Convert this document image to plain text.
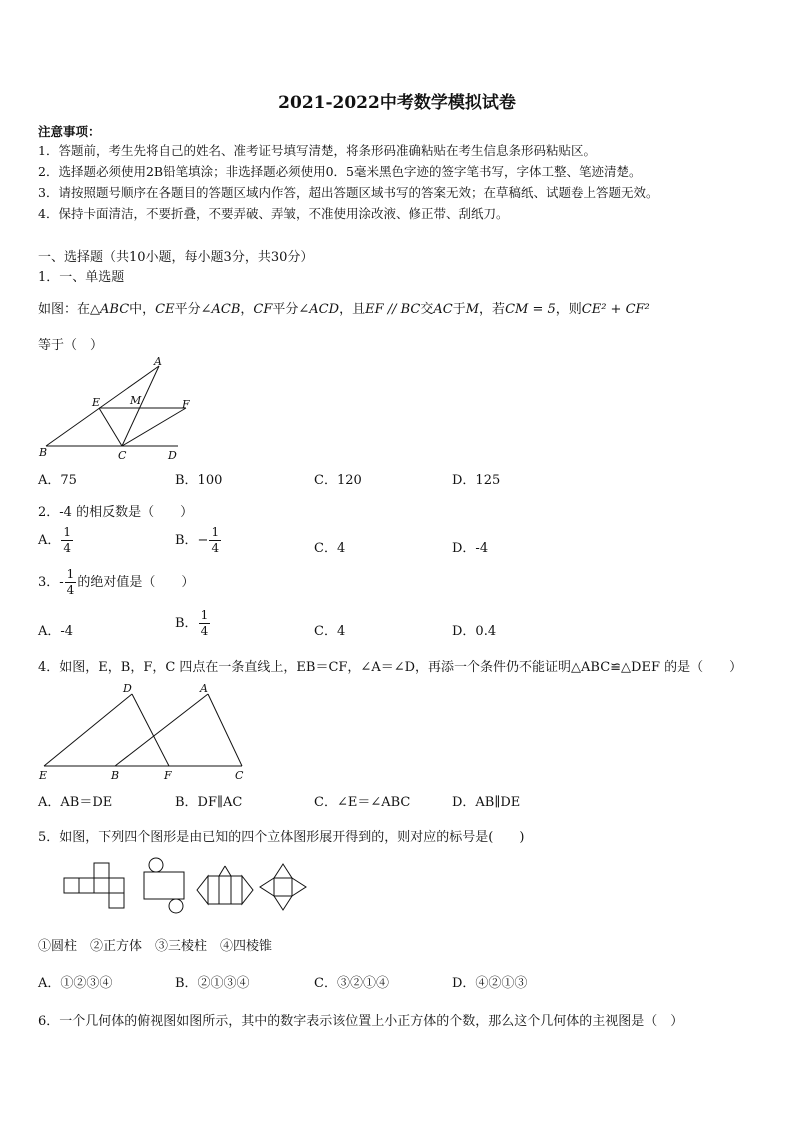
2021-2022中考数学模拟试卷
注意事项：
1．答题前，考生先将自己的姓名、准考证号填写清楚，将条形码准确粘贴在考生信息条形码粘贴区。
2．选择题必须使用2B铅笔填涂；非选择题必须使用0．5毫米黑色字迹的签字笔书写，字体工整、笔迹清楚。
3．请按照题号顺序在各题目的答题区域内作答，超出答题区域书写的答案无效；在草稿纸、试题卷上答题无效。
4．保持卡面清洁，不要折叠，不要弄破、弄皱，不准使用涂改液、修正带、刮纸刀。
一、选择题（共10小题，每小题3分，共30分）
1．一、单选题
如图：在△ABC中，CE平分∠ACB，CF平分∠ACD，且EF // BC交AC于M，若CM = 5，则CE² + CF²
等于（　）
A
E	M	F
B	C	D
A．75	B．100	C．120	D．125
2．-4 的相反数是（　　）
A． $\frac{1}{4}$	B．− $\frac{1}{4}$	C．4	D．-4
3．- $\frac{1}{4}$ 的绝对值是（　　）
A．-4
B． $\frac{1}{4}$	C．4	D．0.4
4．如图，E，B，F，C 四点在一条直线上，EB＝CF，∠A＝∠D，再添一个条件仍不能证明△ABC≌△DEF 的是（　　）
D	A
E	B	F	C
A．AB＝DE	B．DF∥AC	C．∠E＝∠ABC	D．AB∥DE
5．如图，下列四个图形是由已知的四个立体图形展开得到的，则对应的标号是(　　)
①圆柱　②正方体　③三棱柱　④四棱锥
A．①②③④	B．②①③④	C．③②①④	D．④②①③
6．一个几何体的俯视图如图所示，其中的数字表示该位置上小正方体的个数，那么这个几何体的主视图是（　）
